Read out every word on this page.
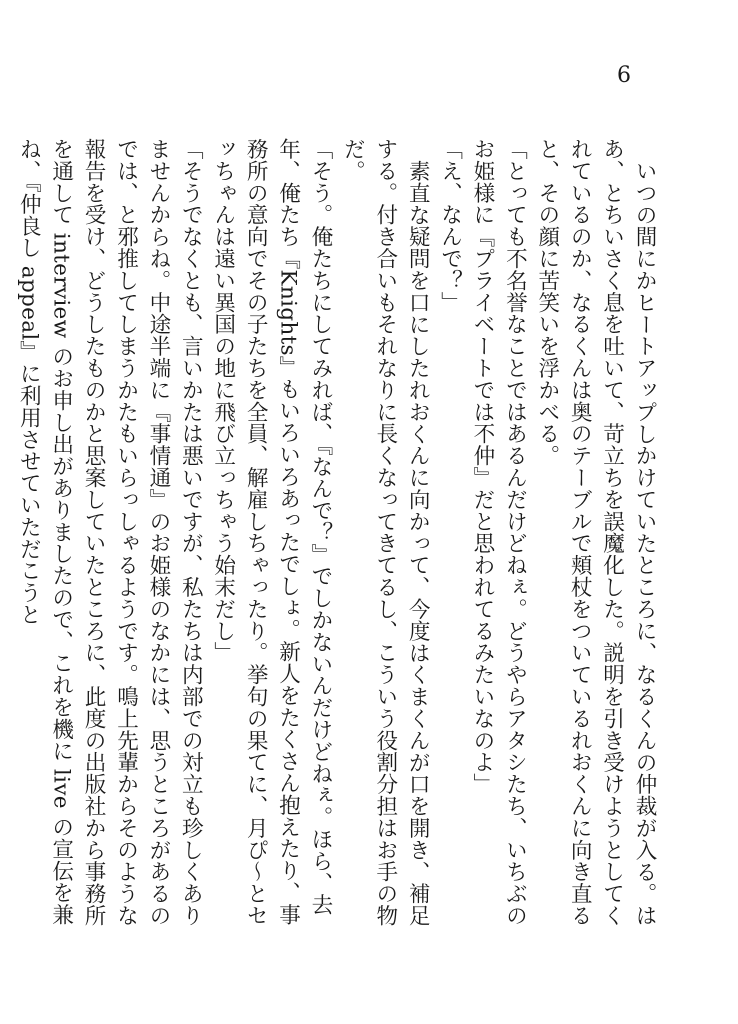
6

いつの間にかヒートアップしかけていたところに、なるくんの仲裁が入る。はあ、とちいさく息を吐いて、苛立ちを誤魔化した。説明を引き受けようとしてくれているのか、なるくんは奥のテーブルで頬杖をついているれおくんに向き直ると、その顔に苦笑いを浮かべる。

「とっても不名誉なことではあるんだけどねぇ。どうやらアタシたち、いちぶのお姫様に『プライベートでは不仲』だと思われてるみたいなのよ」

「え、なんで？」

素直な疑問を口にしたれおくんに向かって、今度はくまくんが口を開き、補足する。付き合いもそれなりに長くなってきてるし、こういう役割分担はお手の物だ。

「そう。俺たちにしてみれば、『なんで？』でしかないんだけどねぇ。ほら、去年、俺たち『Knights』もいろいろあったでしょ。新人をたくさん抱えたり、事務所の意向でその子たちを全員、解雇しちゃったり。挙句の果てに、月ぴ〜とセッちゃんは遠い異国の地に飛び立っちゃう始末だし」

「そうでなくとも、言いかたは悪いですが、私たちは内部での対立も珍しくありませんからね。中途半端に『事情通』のお姫様のなかには、思うところがあるのでは、と邪推してしまうかたもいらっしゃるようです。鳴上先輩からそのような報告を受け、どうしたものかと思案していたところに、此度の出版社から事務所を通して interview のお申し出がありましたので、これを機に live の宣伝を兼ね、『仲良し appeal』に利用させていただこうと
